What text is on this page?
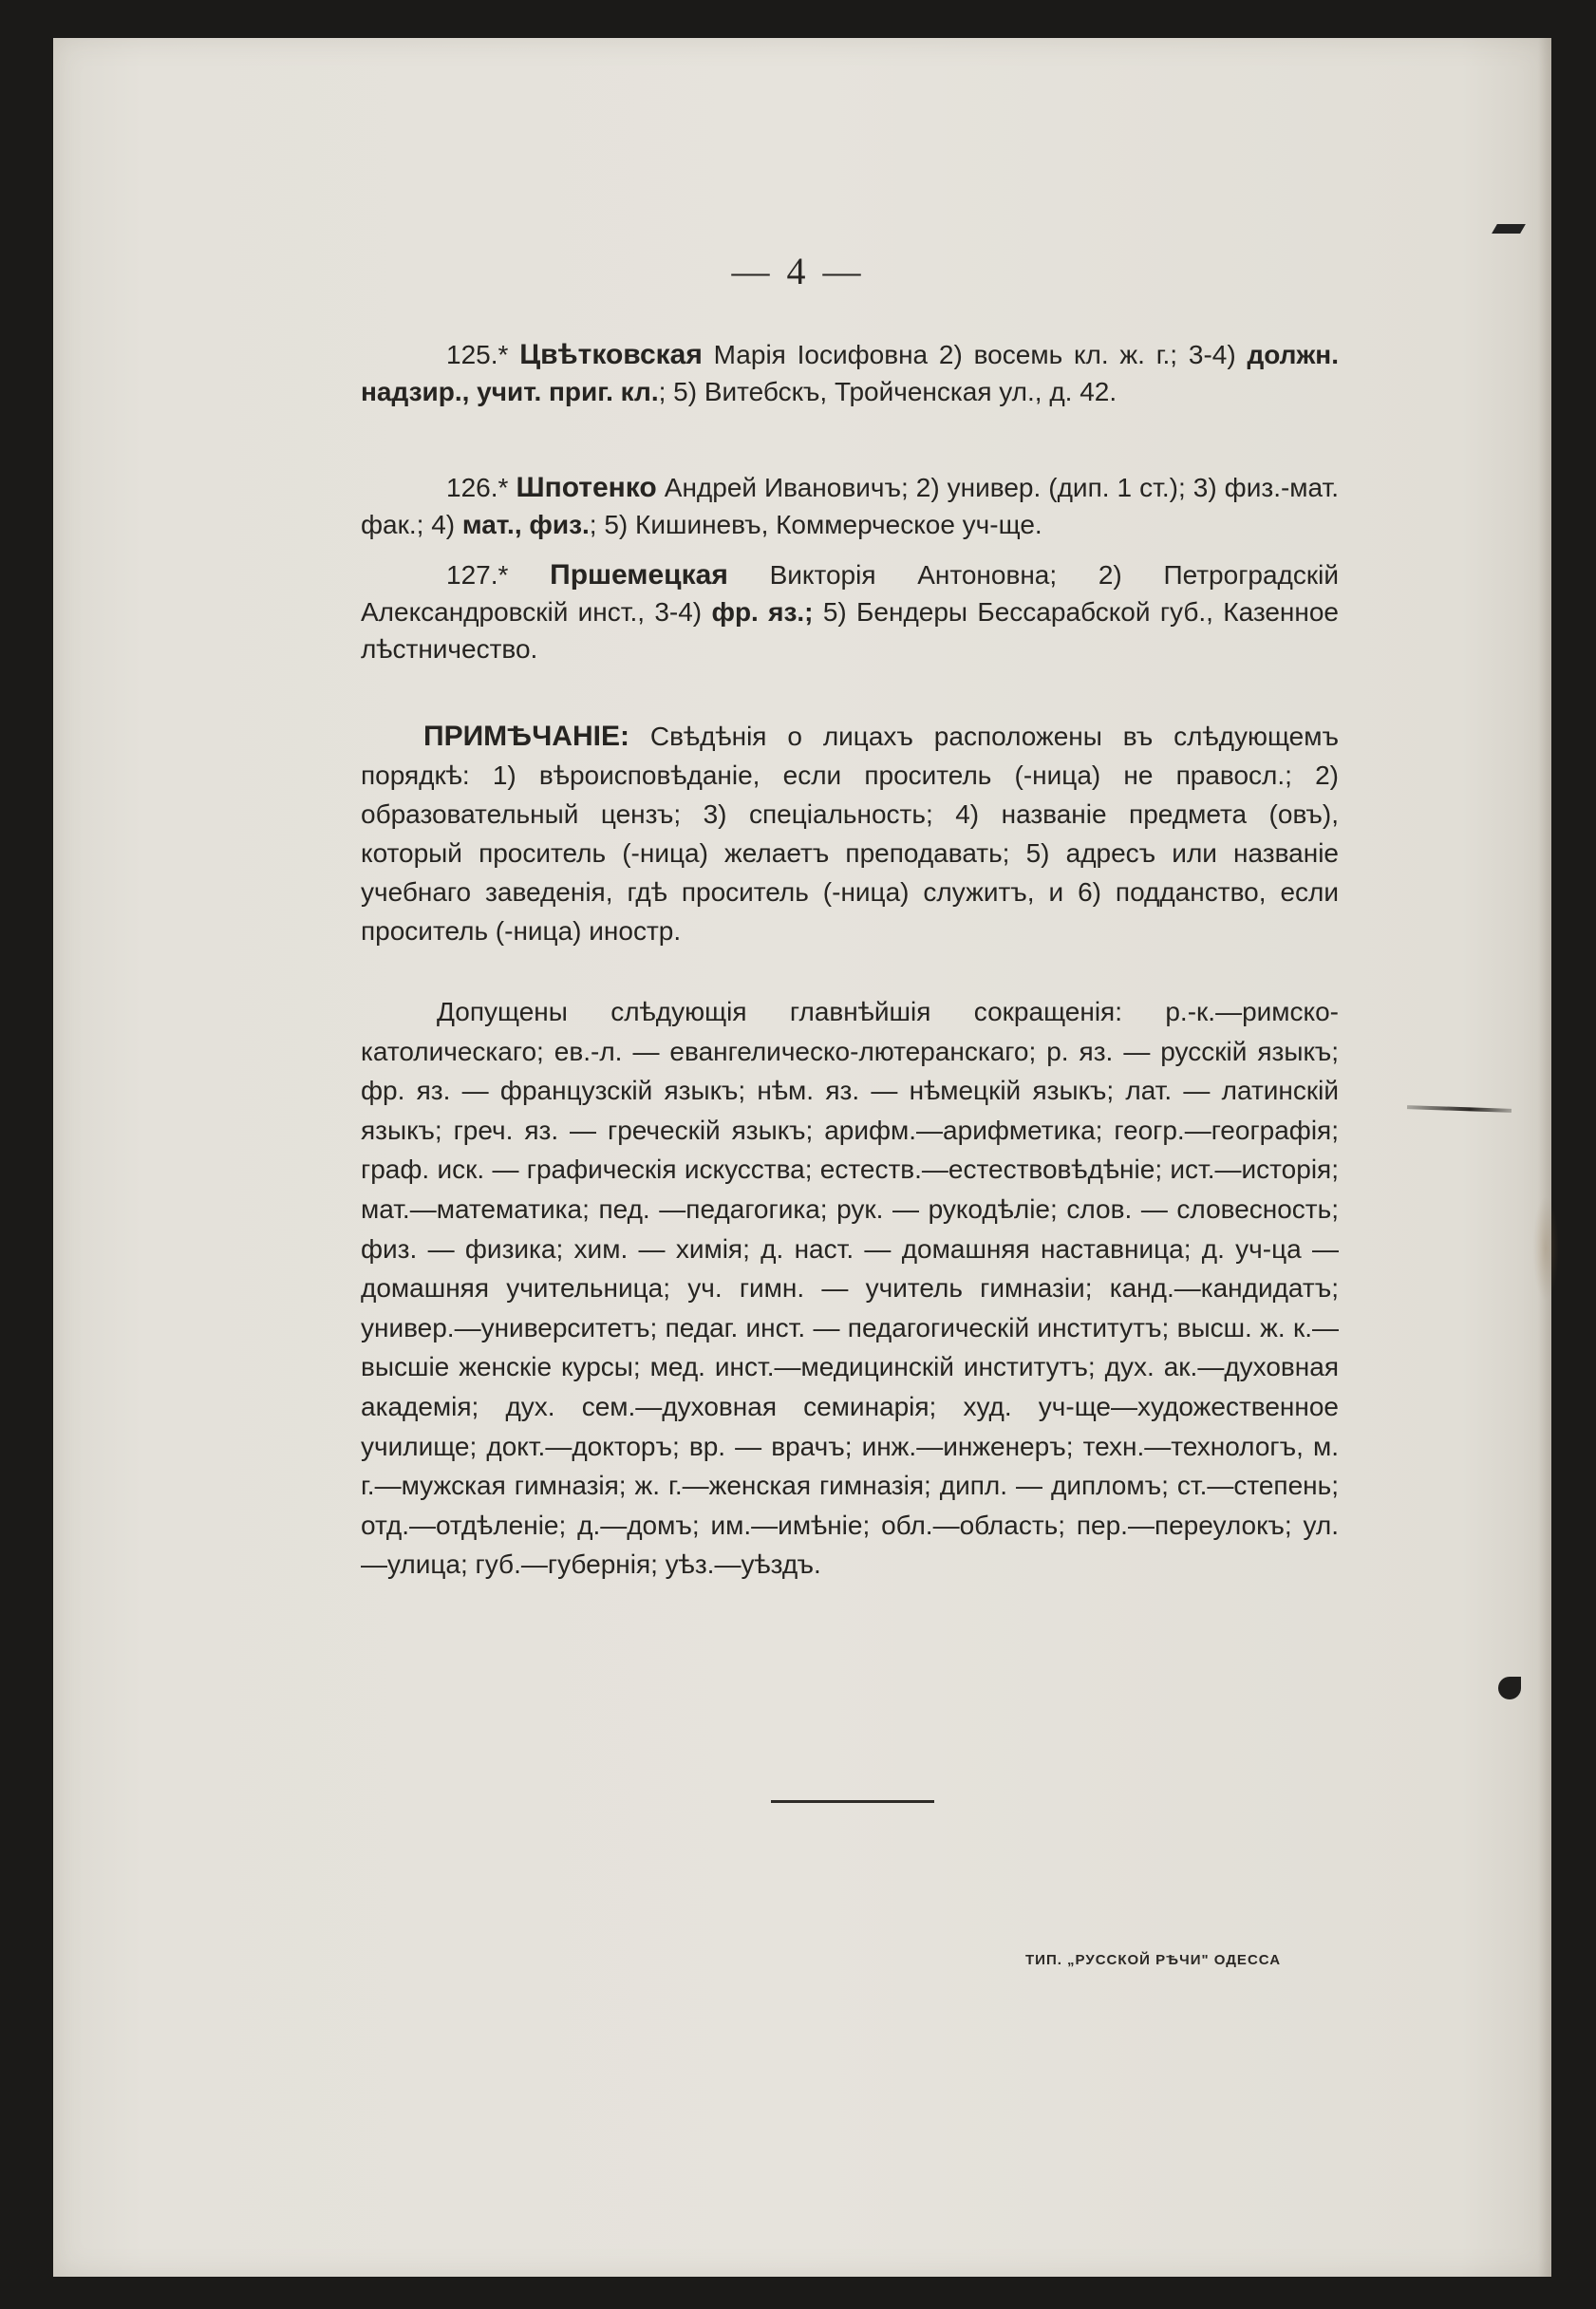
— 4 —
125.* Цвѣтковская Марія Іосифовна 2) восемь кл. ж. г.; 3-4) должн. надзир., учит. приг. кл.; 5) Витебскъ, Тройченская ул., д. 42.
126.* Шпотенко Андрей Ивановичъ; 2) универ. (дип. 1 ст.); 3) физ.-мат. фак.; 4) мат., физ.; 5) Кишиневъ, Коммерческое уч-ще.
127.* Пршемецкая Викторія Антоновна; 2) Петроградскій Александровскій инст., 3-4) фр. яз.; 5) Бендеры Бессарабской губ., Казенное лѣстничество.
ПРИМѢЧАНІЕ: Свѣдѣнія о лицахъ расположены въ слѣдующемъ порядкѣ: 1) вѣроисповѣданіе, если проситель (-ница) не правосл.; 2) образовательный цензъ; 3) спеціальность; 4) названіе предмета (овъ), который проситель (-ница) желаетъ преподавать; 5) адресъ или названіе учебнаго заведенія, гдѣ проситель (-ница) служитъ, и 6) подданство, если проситель (-ница) иностр.
Допущены слѣдующія главнѣйшія сокращенія: р.-к.—римско-католическаго; ев.-л. — евангелическо-лютеранскаго; р. яз. — русскій языкъ; фр. яз. — французскій языкъ; нѣм. яз. — нѣмецкій языкъ; лат. — латинскій языкъ; греч. яз. — греческій языкъ; арифм.—арифметика; геогр.—географія; граф. иск. — графическія искусства; естеств.—естествовѣдѣніе; ист.—исторія; мат.—математика; пед. —педагогика; рук. — рукодѣліе; слов. — словесность; физ. — физика; хим. — химія; д. наст. — домашняя наставница; д. уч-ца — домашняя учительница; уч. гимн. — учитель гимназіи; канд.—кандидатъ; универ.—университетъ; педаг. инст. — педагогическій институтъ; высш. ж. к.—высшіе женскіе курсы; мед. инст.—медицинскій институтъ; дух. ак.—духовная академія; дух. сем.—духовная семинарія; худ. уч-ще—художественное училище; докт.—докторъ; вр. — врачъ; инж.—инженеръ; техн.—технологъ, м. г.—мужская гимназія; ж. г.—женская гимназія; дипл. — дипломъ; ст.—степень; отд.—отдѣленіе; д.—домъ; им.—имѣніе; обл.—область; пер.—переулокъ; ул.—улица; губ.—губернія; уѣз.—уѣздъ.
ТИП. „РУССКОЙ РѢЧИ" ОДЕССА
